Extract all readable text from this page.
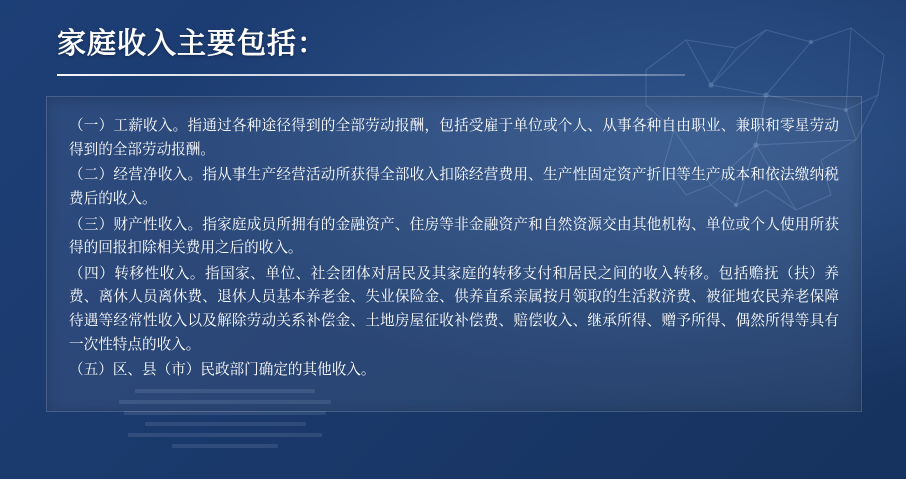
家庭收入主要包括：

（一）工薪收入。指通过各种途径得到的全部劳动报酬，包括受雇于单位或个人、从事各种自由职业、兼职和零星劳动得到的全部劳动报酬。

（二）经营净收入。指从事生产经营活动所获得全部收入扣除经营费用、生产性固定资产折旧等生产成本和依法缴纳税费后的收入。

（三）财产性收入。指家庭成员所拥有的金融资产、住房等非金融资产和自然资源交由其他机构、单位或个人使用所获得的回报扣除相关费用之后的收入。

（四）转移性收入。指国家、单位、社会团体对居民及其家庭的转移支付和居民之间的收入转移。包括赡抚（扶）养费、离休人员离休费、退休人员基本养老金、失业保险金、供养直系亲属按月领取的生活救济费、被征地农民养老保障待遇等经常性收入以及解除劳动关系补偿金、土地房屋征收补偿费、赔偿收入、继承所得、赠予所得、偶然所得等具有一次性特点的收入。

（五）区、县（市）民政部门确定的其他收入。
